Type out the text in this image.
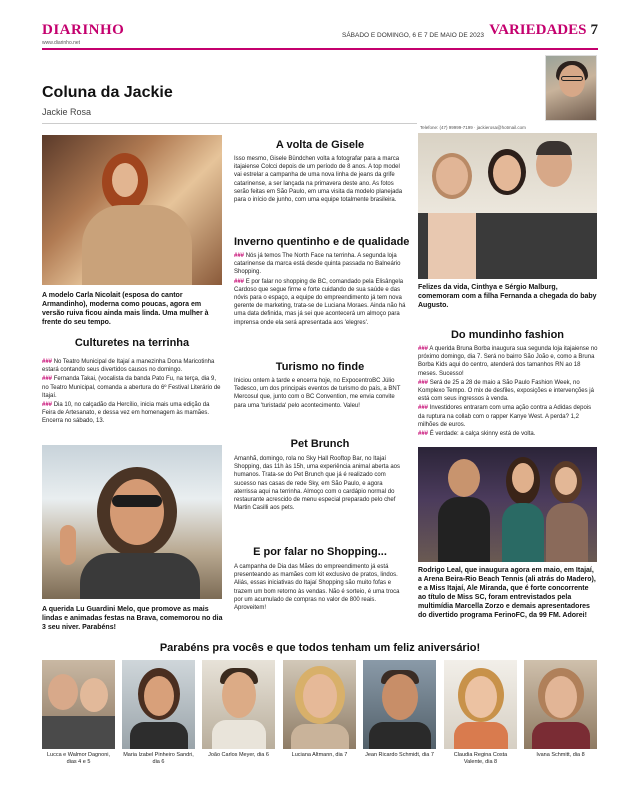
DIARINHO
www.diarinho.net
SÁBADO E DOMINGO, 6 E 7 DE MAIO DE 2023 VARIEDADES 7
Coluna da Jackie
Jackie Rosa
Telefone: (47) 99999-7199 · jackierosa@hotmail.com
A modelo Carla Nicolait (esposa do cantor Armandinho), moderna como poucas, agora em versão ruiva ficou ainda mais linda. Uma mulher à frente do seu tempo.
Culturetes na terrinha

### No Teatro Municipal de Itajaí a manezinha Dona Maricotinha estará contando seus divertidos causos no domingo.

### Fernanda Takai, (vocalista da banda Pato Fu, na terça, dia 9, no Teatro Municipal, comanda a abertura do 6º Festival Literário de Itajaí.

### Dia 10, no calçadão da Hercílio, inicia mais uma edição da Feira de Artesanato, e dessa vez em homenagem às mamães. Encerra no sábado, 13.

A querida Lu Guardini Melo, que promove as mais lindas e animadas festas na Brava, comemorou no dia 3 seu niver. Parabéns!
A volta de Gisele
Isso mesmo, Gisele Bündchen volta a fotografar para a marca itajaiense Colcci depois de um período de 8 anos. A top model vai estrelar a campanha de uma nova linha de jeans da grife catarinense, a ser lançada na primavera deste ano. As fotos serão feitas em São Paulo, em uma visita da modelo planejada para o início de junho, com uma equipe totalmente brasileira.
Inverno quentinho e de qualidade

### Nós já temos The North Face na terrinha. A segunda loja catarinense da marca está desde quinta passada no Balneário Shopping.

### E por falar no shopping de BC, comandado pela Elisângela Cardoso que segue firme e forte cuidando de sua saúde e das nóvis para o espaço, a equipe do empreendimento já tem nova gerente de marketing, trata-se de Luciana Moraes. Ainda não há uma data definida, mas já sei que acontecerá um almoço para imprensa onde ela será apresentada aos 'elegres'.

Turismo no finde
Iniciou ontem à tarde e encerra hoje, no ExpocentroBC Júlio Tedesco, um dos principais eventos de turismo do país, a BNT Mercosul que, junto com o BC Convention, me envia convite para uma 'turistada' pelo acontecimento. Valeu!
Pet Brunch
Amanhã, domingo, rola no Sky Hall Rooftop Bar, no Itajaí Shopping, das 11h às 15h, uma experiência animal aberta aos humanos. Trata-se do Pet Brunch que já é realizado com sucesso nas casas de rede Sky, em São Paulo, e agora aterrissa aqui na terrinha. Almoço com o cardápio normal do restaurante acrescido de menu especial preparado pelo chef Martin Casilli aos pets.
E por falar no Shopping...
A campanha de Dia das Mães do empreendimento já está presenteando as mamães com kit exclusivo de pratos, lindos. Aliás, essas iniciativas do Itajaí Shopping são muito fofas e trazem um bom retorno às vendas. Não é sorteio, é uma troca por um acumulado de compras no valor de 800 reais. Aproveitem!
Felizes da vida, Cinthya e Sérgio Malburg, comemoram com a filha Fernanda a chegada do baby Augusto.
Do mundinho fashion

### A querida Bruna Borba inaugura sua segunda loja itajaiense no próximo domingo, dia 7. Será no bairro São João e, como a Bruna Borba Kids aqui do centro, atenderá dos tamanhos RN ao 18 meses. Sucesso!

### Será de 25 a 28 de maio a São Paulo Fashion Week, no Komplexo Tempo. O mix de desfiles, exposições e intervenções já está com seus ingressos à venda.

### Investidores entraram com uma ação contra a Adidas depois da ruptura na collab com o rapper Kanye West. A perda? 1,2 milhões de euros.

### É verdade: a calça skinny está de volta.

Rodrigo Leal, que inaugura agora em maio, em Itajaí, a Arena Beira-Rio Beach Tennis (ali atrás do Madero), e a Miss Itajaí, Ale Miranda, que é forte concorrente ao título de Miss SC, foram entrevistados pela multimídia Marcella Zorzo e demais apresentadores do divertido programa FerinoFC, da 99 FM. Adorei!
Parabéns pra vocês e que todos tenham um feliz aniversário!
Lucca e Walmor Dagnoni, dias 4 e 5
Maria Izabel Pinheiro Sandri, dia 6
João Carlos Meyer, dia 6	Luciana Altmann, dia 7	Jean Ricardo Schmidt, dia 7	Claudia Regina Costa Valente, dia 8
Ivana Schmitt, dia 8
